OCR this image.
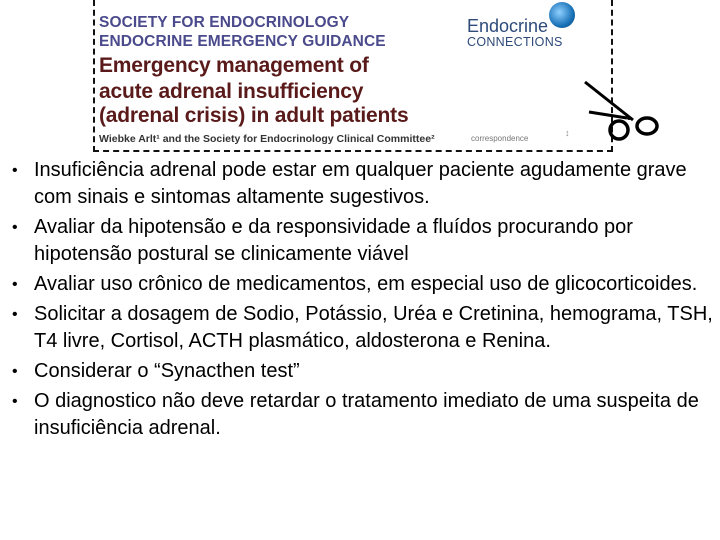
SOCIETY FOR ENDOCRINOLOGY
ENDOCRINE EMERGENCY GUIDANCE
Emergency management of
acute adrenal insufficiency
(adrenal crisis) in adult patients
Wiebke Arlt¹ and the Society for Endocrinology Clinical Committee²
Endocrine
CONNECTIONS
correspondence
↕
• Insuficiência adrenal pode estar em qualquer paciente agudamente grave com sinais e sintomas altamente sugestivos.
• Avaliar da hipotensão e da responsividade a fluídos procurando por hipotensão postural se clinicamente viável
• Avaliar uso crônico de medicamentos, em especial uso de glicocorticoides.
• Solicitar a dosagem de Sodio, Potássio, Uréa e Cretinina, hemograma, TSH, T4 livre, Cortisol, ACTH plasmático, aldosterona e Renina.
• Considerar o “Synacthen test”
• O diagnostico não deve retardar o tratamento imediato de uma suspeita de insuficiência adrenal.
